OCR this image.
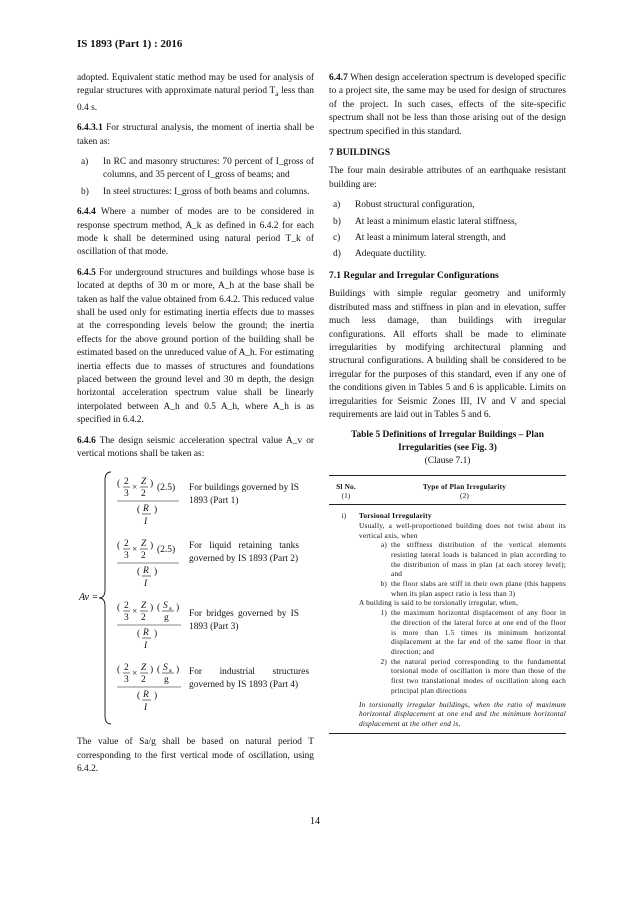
IS 1893 (Part 1) : 2016

adopted. Equivalent static method may be used for analysis of regular structures with approximate natural period $T_a$ less than 0.4 s.

6.4.3.1 For structural analysis, the moment of inertia shall be taken as:

a)	In RC and masonry structures: 70 percent of I_gross of columns, and 35 percent of I_gross of beams; and
b)	In steel structures: I_gross of both beams and columns.

6.4.4 Where a number of modes are to be considered in response spectrum method, A_k as defined in 6.4.2 for each mode k shall be determined using natural period T_k of oscillation of that mode.

6.4.5 For underground structures and buildings whose base is located at depths of 30 m or more, A_h at the base shall be taken as half the value obtained from 6.4.2. This reduced value shall be used only for estimating inertia effects due to masses at the corresponding levels below the ground; the inertia effects for the above ground portion of the building shall be estimated based on the unreduced value of A_h. For estimating inertia effects due to masses of structures and foundations placed between the ground level and 30 m depth, the design horizontal acceleration spectrum value shall be linearly interpolated between A_h and 0.5 A_h, where A_h is as specified in 6.4.2.

6.4.6 The design seismic acceleration spectral value A_v or vertical motions shall be taken as:

Av =
( 2
3
×
Z
2
) (2.5)
( R
I
)
( 2
3
×
Z
2
) (2.5)
( R
I
)
( 2
3
×
Z
2
) ( S a
g
)
( R
I
)
( 2
3
×
Z
2
) ( S a
g
)
( R
I
)
For buildings governed by IS 1893 (Part 1)
For liquid retaining tanks governed by IS 1893 (Part 2)
For bridges governed by IS 1893 (Part 3)
For industrial structures governed by IS 1893 (Part 4)

The value of Sa/g shall be based on natural period T corresponding to the first vertical mode of oscillation, using 6.4.2.

6.4.7 When design acceleration spectrum is developed specific to a project site, the same may be used for design of structures of the project. In such cases, effects of the site-specific spectrum shall not be less than those arising out of the design spectrum specified in this standard.

7 BUILDINGS

The four main desirable attributes of an earthquake resistant building are:

a)	Robust structural configuration,
b)	At least a minimum elastic lateral stiffness,
c)	At least a minimum lateral strength, and
d)	Adequate ductility.
7.1 Regular and Irregular Configurations

Buildings with simple regular geometry and uniformly distributed mass and stiffness in plan and in elevation, suffer much less damage, than buildings with irregular configurations. All efforts shall be made to eliminate irregularities by modifying architectural planning and structural configurations. A building shall be considered to be irregular for the purposes of this standard, even if any one of the conditions given in Tables 5 and 6 is applicable. Limits on irregularities for Seismic Zones III, IV and V and special requirements are laid out in Tables 5 and 6.

Table 5 Definitions of Irregular Buildings – Plan Irregularities (see Fig. 3)
(Clause 7.1)
Sl No.
(1)
Type of Plan Irregularity
(2)
i)	Torsional Irregularity
Usually, a well-proportioned building does not twist about its vertical axis, when
a) the stiffness distribution of the vertical elements resisting lateral loads is balanced in plan according to the distribution of mass in plan (at each storey level); and
b) the floor slabs are stiff in their own plane (this happens when its plan aspect ratio is less than 3)
A building is said to be torsionally irregular, when,
1) the maximum horizontal displacement of any floor in the direction of the lateral force at one end of the floor is more than 1.5 times its minimum horizontal displacement at the far end of the same floor in that direction; and
2) the natural period corresponding to the fundamental torsional mode of oscillation is more than those of the first two translational modes of oscillation along each principal plan directions
In torsionally irregular buildings, when the ratio of maximum horizontal displacement at one end and the minimum horizontal displacement at the other end is,
14
